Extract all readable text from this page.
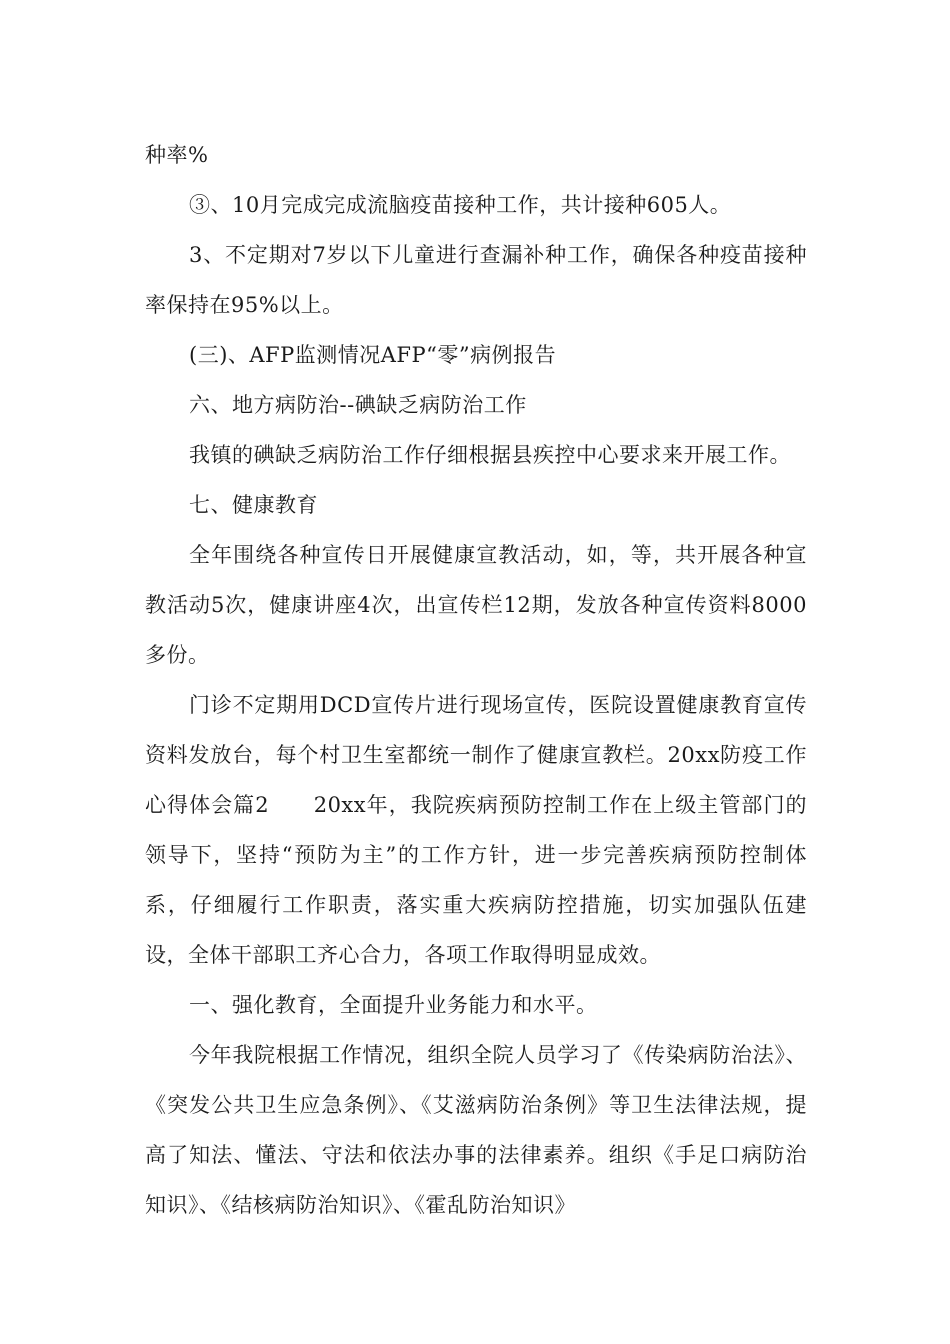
种率%

③、10月完成完成流脑疫苗接种工作，共计接种605人。

3、不定期对7岁以下儿童进行查漏补种工作，确保各种疫苗接种率保持在95%以上。

(三)、AFP监测情况AFP“零”病例报告

六、地方病防治--碘缺乏病防治工作

我镇的碘缺乏病防治工作仔细根据县疾控中心要求来开展工作。

七、健康教育

全年围绕各种宣传日开展健康宣教活动，如，等，共开展各种宣教活动5次，健康讲座4次，出宣传栏12期，发放各种宣传资料8000多份。

门诊不定期用DCD宣传片进行现场宣传，医院设置健康教育宣传资料发放台，每个村卫生室都统一制作了健康宣教栏。20xx防疫工作心得体会篇2　　20xx年，我院疾病预防控制工作在上级主管部门的领导下，坚持“预防为主”的工作方针，进一步完善疾病预防控制体系，仔细履行工作职责，落实重大疾病防控措施，切实加强队伍建设，全体干部职工齐心合力，各项工作取得明显成效。

一、强化教育，全面提升业务能力和水平。

今年我院根据工作情况，组织全院人员学习了《传染病防治法》、《突发公共卫生应急条例》、《艾滋病防治条例》等卫生法律法规，提高了知法、懂法、守法和依法办事的法律素养。组织《手足口病防治知识》、《结核病防治知识》、《霍乱防治知识》
